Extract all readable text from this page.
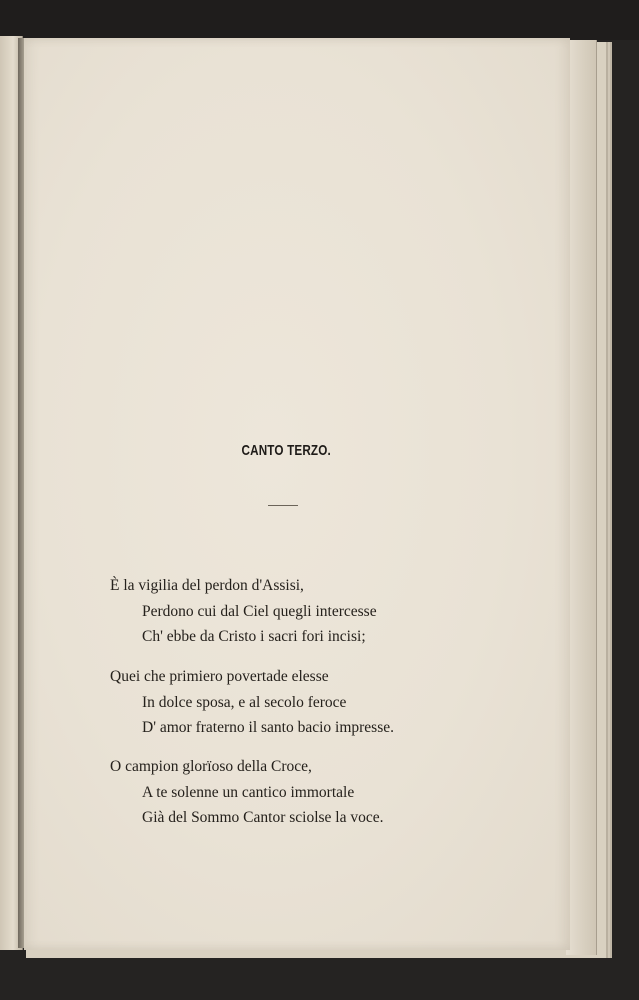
CANTO TERZO.
È la vigilia del perdon d'Assisi,
Perdono cui dal Ciel quegli intercesse
Ch' ebbe da Cristo i sacri fori incisi;
Quei che primiero povertade elesse
In dolce sposa, e al secolo feroce
D' amor fraterno il santo bacio impresse.
O campion glorïoso della Croce,
A te solenne un cantico immortale
Già del Sommo Cantor sciolse la voce.
